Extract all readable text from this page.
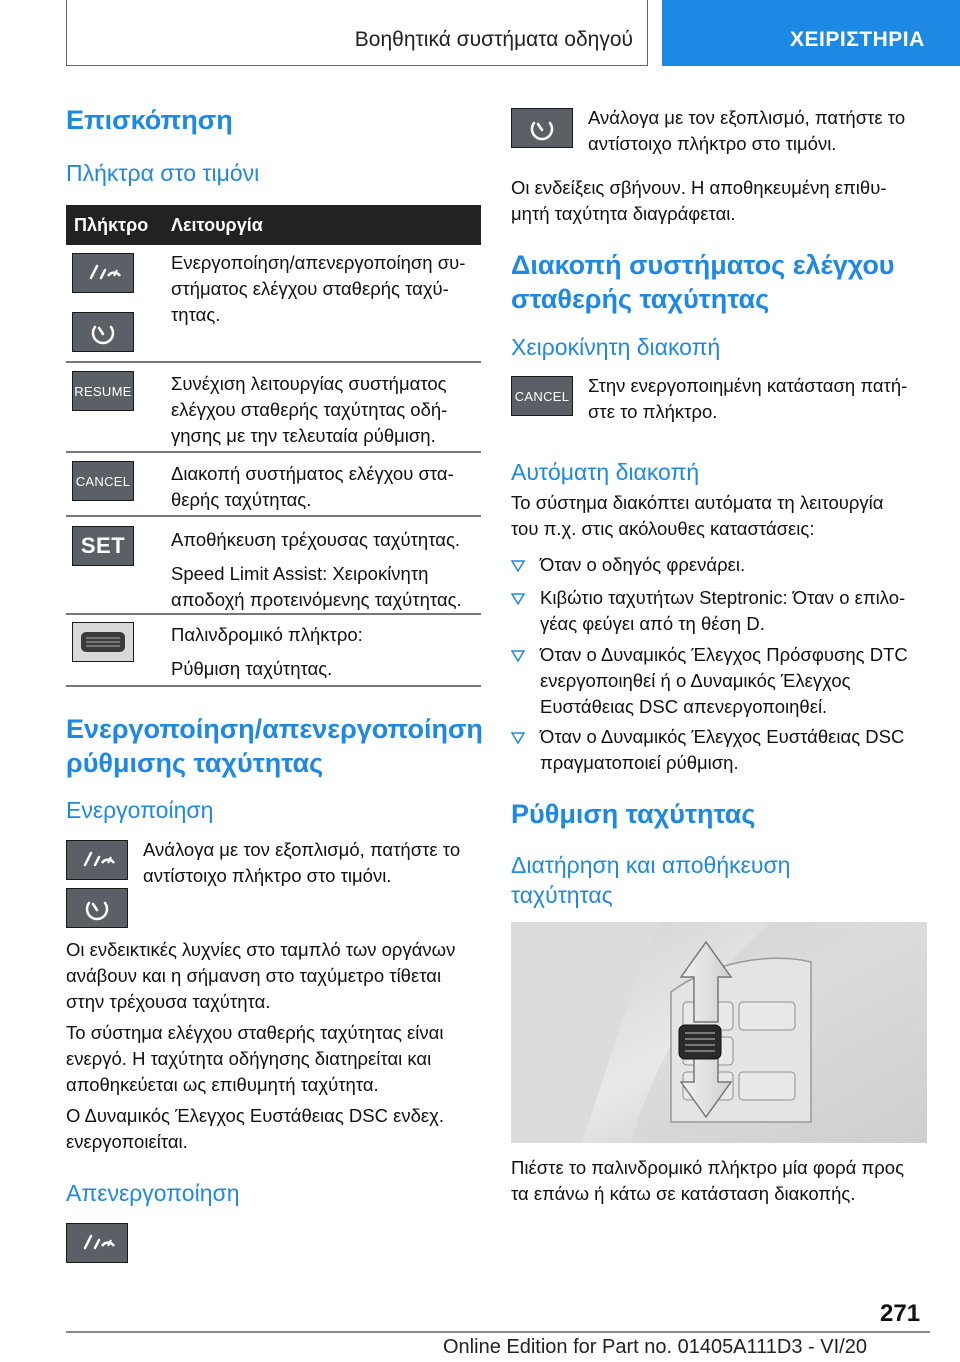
Βοηθητικά συστήματα οδηγού	ΧΕΙΡΙΣΤΗΡΙΑ
Επισκόπηση
Πλήκτρα στο τιμόνι
Πλήκτρο Λειτουργία
Ενεργοποίηση/απενεργοποίηση συ-
στήματος ελέγχου σταθερής ταχύ-
τητας.
RESUME Συνέχιση λειτουργίας συστήματος
ελέγχου σταθερής ταχύτητας οδή-
γησης με την τελευταία ρύθμιση.
CANCEL Διακοπή συστήματος ελέγχου στα-
θερής ταχύτητας.
SET Αποθήκευση τρέχουσας ταχύτητας.
Speed Limit Assist: Χειροκίνητη
αποδοχή προτεινόμενης ταχύτητας.
Παλινδρομικό πλήκτρο:
Ρύθμιση ταχύτητας.
Ενεργοποίηση/απενεργοποίηση
ρύθμισης ταχύτητας
Ενεργοποίηση
Ανάλογα με τον εξοπλισμό, πατήστε το
αντίστοιχο πλήκτρο στο τιμόνι.
Οι ενδεικτικές λυχνίες στο ταμπλό των οργάνων
ανάβουν και η σήμανση στο ταχύμετρο τίθεται
στην τρέχουσα ταχύτητα.
Το σύστημα ελέγχου σταθερής ταχύτητας είναι
ενεργό. Η ταχύτητα οδήγησης διατηρείται και
αποθηκεύεται ως επιθυμητή ταχύτητα.
Ο Δυναμικός Έλεγχος Ευστάθειας DSC ενδεχ.
ενεργοποιείται.
Απενεργοποίηση
Ανάλογα με τον εξοπλισμό, πατήστε το
αντίστοιχο πλήκτρο στο τιμόνι.
Οι ενδείξεις σβήνουν. Η αποθηκευμένη επιθυ-
μητή ταχύτητα διαγράφεται.
Διακοπή συστήματος ελέγχου
σταθερής ταχύτητας
Χειροκίνητη διακοπή
CANCEL Στην ενεργοποιημένη κατάσταση πατή-
στε το πλήκτρο.
Αυτόματη διακοπή
Το σύστημα διακόπτει αυτόματα τη λειτουργία
του π.χ. στις ακόλουθες καταστάσεις:
Όταν ο οδηγός φρενάρει.
Κιβώτιο ταχυτήτων Steptronic: Όταν ο επιλο-
γέας φεύγει από τη θέση D.
Όταν ο Δυναμικός Έλεγχος Πρόσφυσης DTC
ενεργοποιηθεί ή ο Δυναμικός Έλεγχος
Ευστάθειας DSC απενεργοποιηθεί.
Όταν ο Δυναμικός Έλεγχος Ευστάθειας DSC
πραγματοποιεί ρύθμιση.
Ρύθμιση ταχύτητας
Διατήρηση και αποθήκευση
ταχύτητας
Πιέστε το παλινδρομικό πλήκτρο μία φορά προς
τα επάνω ή κάτω σε κατάσταση διακοπής.
271
Online Edition for Part no. 01405A111D3 - VI/20
